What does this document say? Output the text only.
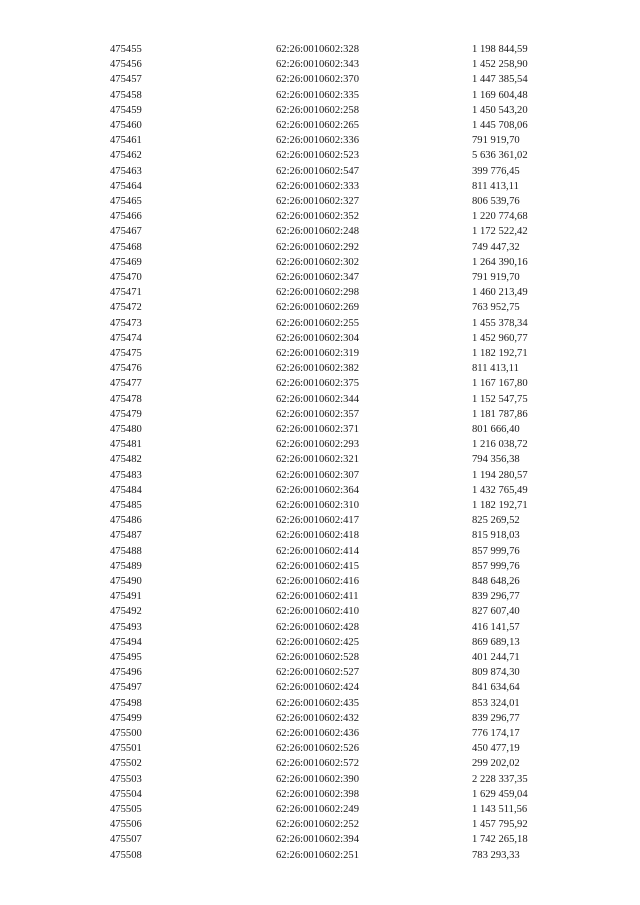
475455	62:26:0010602:328	1 198 844,59
475456	62:26:0010602:343	1 452 258,90
475457	62:26:0010602:370	1 447 385,54
475458	62:26:0010602:335	1 169 604,48
475459	62:26:0010602:258	1 450 543,20
475460	62:26:0010602:265	1 445 708,06
475461	62:26:0010602:336	791 919,70
475462	62:26:0010602:523	5 636 361,02
475463	62:26:0010602:547	399 776,45
475464	62:26:0010602:333	811 413,11
475465	62:26:0010602:327	806 539,76
475466	62:26:0010602:352	1 220 774,68
475467	62:26:0010602:248	1 172 522,42
475468	62:26:0010602:292	749 447,32
475469	62:26:0010602:302	1 264 390,16
475470	62:26:0010602:347	791 919,70
475471	62:26:0010602:298	1 460 213,49
475472	62:26:0010602:269	763 952,75
475473	62:26:0010602:255	1 455 378,34
475474	62:26:0010602:304	1 452 960,77
475475	62:26:0010602:319	1 182 192,71
475476	62:26:0010602:382	811 413,11
475477	62:26:0010602:375	1 167 167,80
475478	62:26:0010602:344	1 152 547,75
475479	62:26:0010602:357	1 181 787,86
475480	62:26:0010602:371	801 666,40
475481	62:26:0010602:293	1 216 038,72
475482	62:26:0010602:321	794 356,38
475483	62:26:0010602:307	1 194 280,57
475484	62:26:0010602:364	1 432 765,49
475485	62:26:0010602:310	1 182 192,71
475486	62:26:0010602:417	825 269,52
475487	62:26:0010602:418	815 918,03
475488	62:26:0010602:414	857 999,76
475489	62:26:0010602:415	857 999,76
475490	62:26:0010602:416	848 648,26
475491	62:26:0010602:411	839 296,77
475492	62:26:0010602:410	827 607,40
475493	62:26:0010602:428	416 141,57
475494	62:26:0010602:425	869 689,13
475495	62:26:0010602:528	401 244,71
475496	62:26:0010602:527	809 874,30
475497	62:26:0010602:424	841 634,64
475498	62:26:0010602:435	853 324,01
475499	62:26:0010602:432	839 296,77
475500	62:26:0010602:436	776 174,17
475501	62:26:0010602:526	450 477,19
475502	62:26:0010602:572	299 202,02
475503	62:26:0010602:390	2 228 337,35
475504	62:26:0010602:398	1 629 459,04
475505	62:26:0010602:249	1 143 511,56
475506	62:26:0010602:252	1 457 795,92
475507	62:26:0010602:394	1 742 265,18
475508	62:26:0010602:251	783 293,33
